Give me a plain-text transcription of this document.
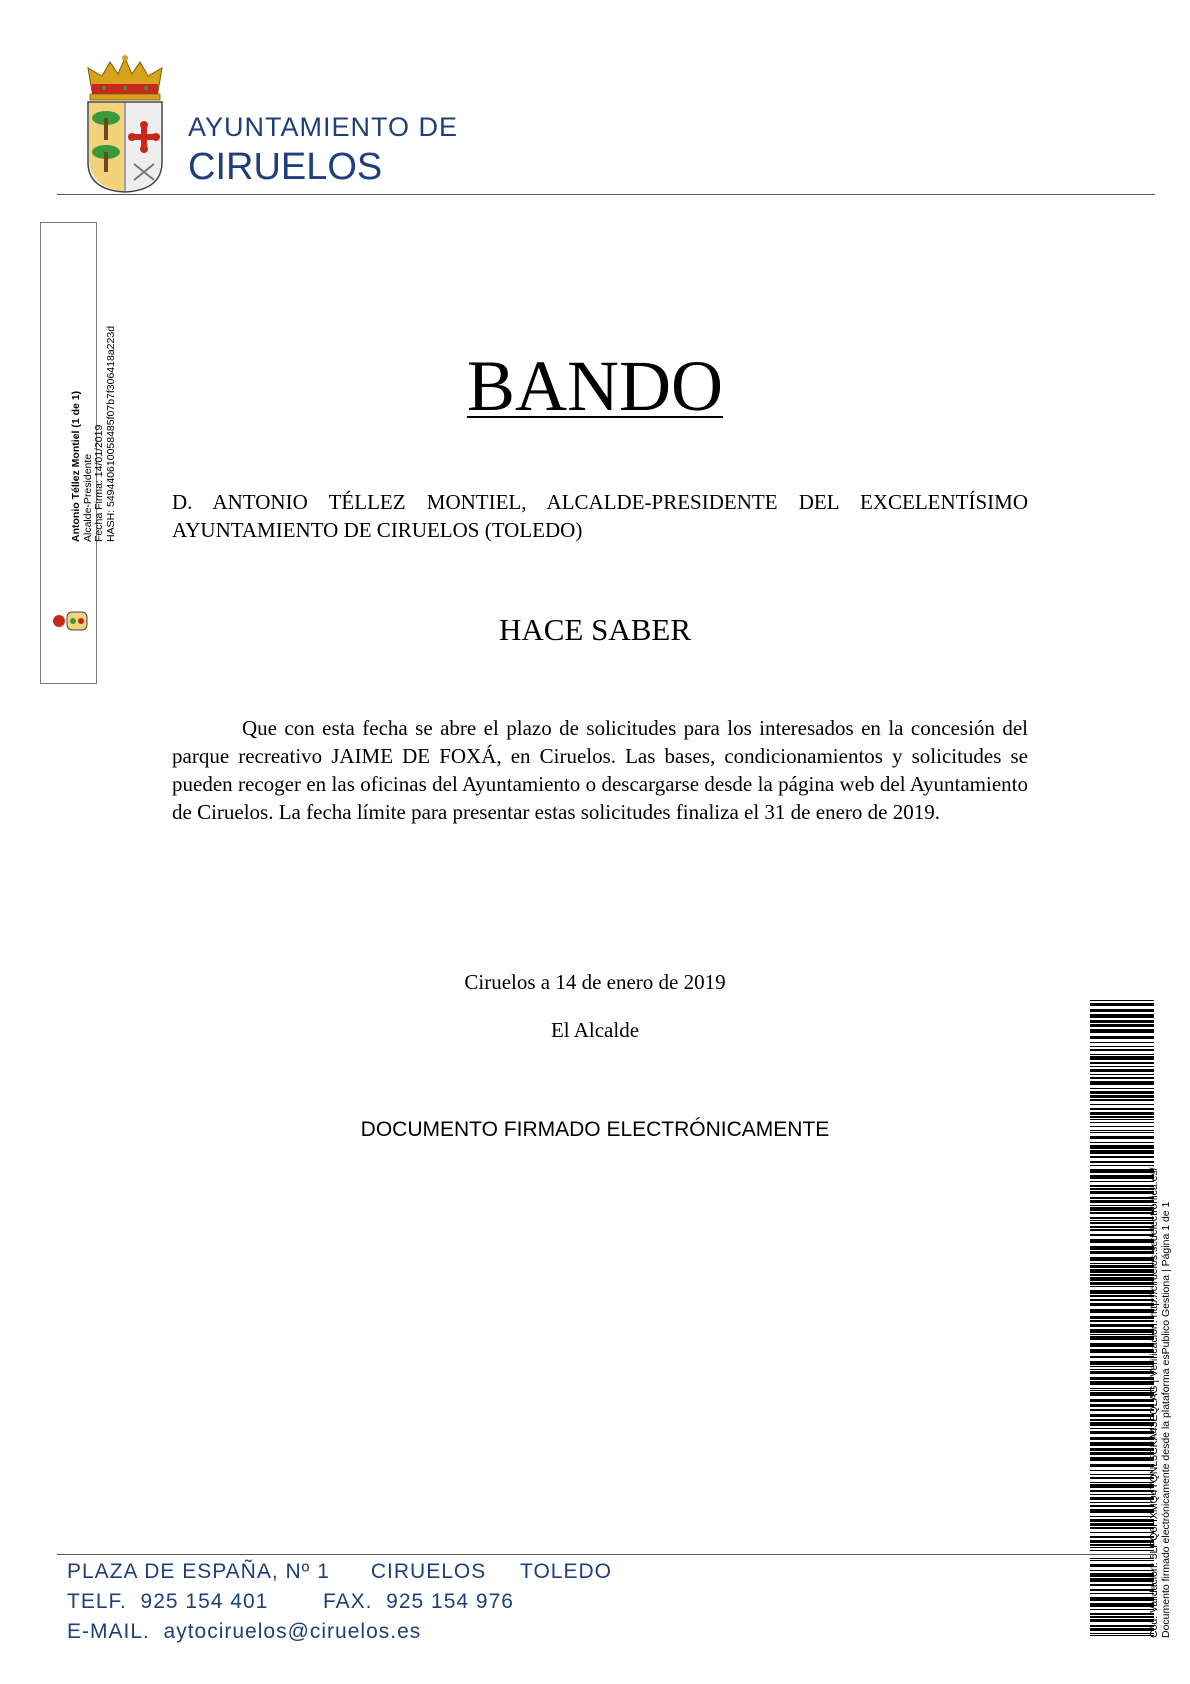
AYUNTAMIENTO DE
CIRUELOS
Antonio Téllez Montiel (1 de 1) Alcalde-Presidente Fecha Firma: 14/01/2019 HASH: 549440610058485f07b7f306418a223d	BANDO
D. ANTONIO TÉLLEZ MONTIEL, ALCALDE-PRESIDENTE DEL EXCELENTÍSIMO AYUNTAMIENTO DE CIRUELOS (TOLEDO)
HACE SABER
Que con esta fecha se abre el plazo de solicitudes para los interesados en la concesión del parque recreativo JAIME DE FOXÁ, en Ciruelos. Las bases, condicionamientos y solicitudes se pueden recoger en las oficinas del Ayuntamiento o descargarse desde la página web del Ayuntamiento de Ciruelos. La fecha límite para presentar estas solicitudes finaliza el 31 de enero de 2019.
Ciruelos a 14 de enero de 2019
El Alcalde
DOCUMENTO FIRMADO ELECTRÓNICAMENTE
Cód. Validación: 5LPQ6HXMQ4YQNL5CKA43EQLAG | Verificación: http://ciruelos.sedelectronica.es/ Documento firmado electrónicamente desde la plataforma esPublico Gestiona | Página 1 de 1
PLAZA DE ESPAÑA, Nº 1      CIRUELOS     TOLEDO
TELF.  925 154 401        FAX.  925 154 976
E-MAIL.  aytociruelos@ciruelos.es
